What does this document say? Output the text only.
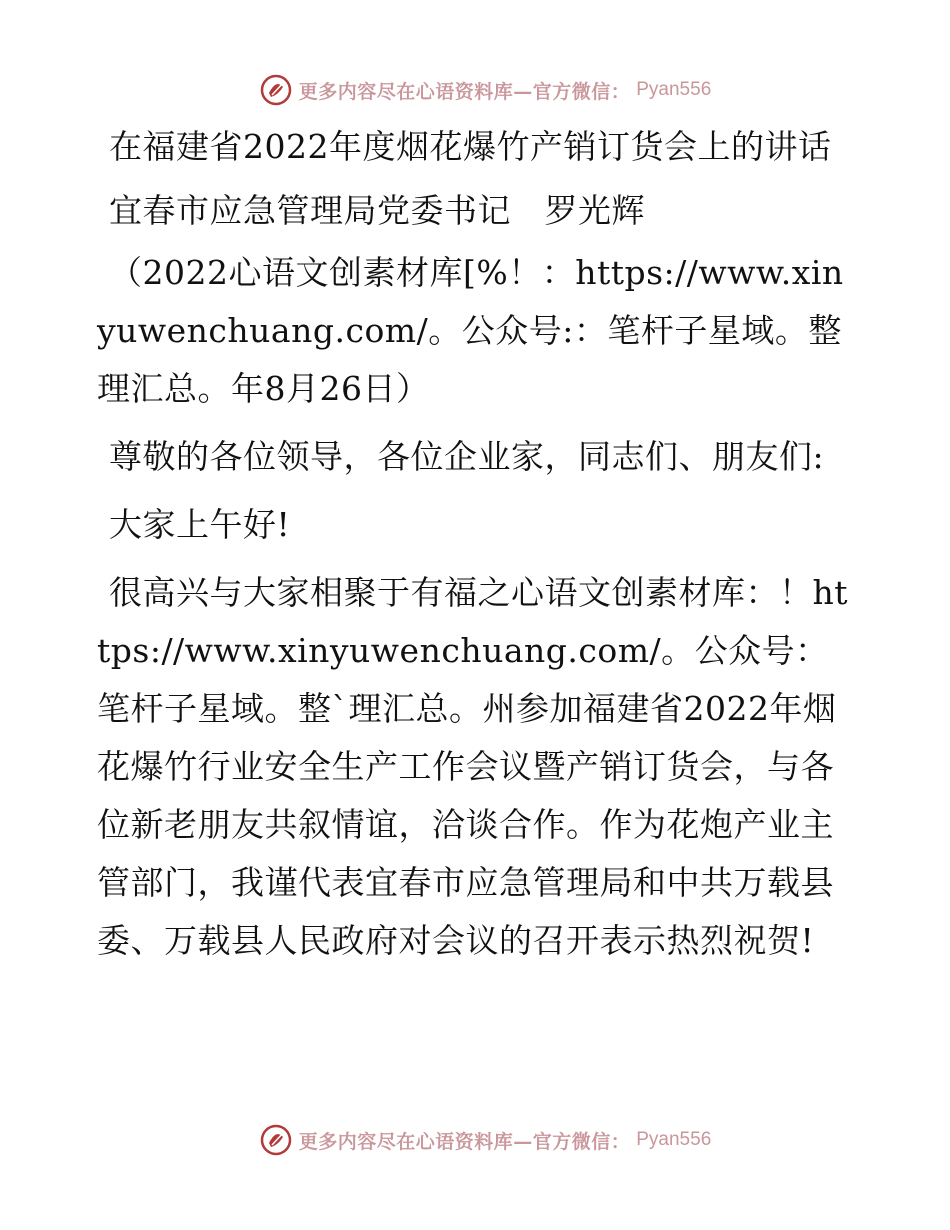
更多内容尽在心语资料库—官方微信： Pyan556

在福建省2022年度烟花爆竹产销订货会上的讲话

宜春市应急管理局党委书记　罗光辉

（2022心语文创素材库[%！：https://www.xinyuwenchuang.com/。公众号:：笔杆子星域。整理汇总。年8月26日）

尊敬的各位领导，各位企业家，同志们、朋友们:

大家上午好!

很高兴与大家相聚于有福之心语文创素材库：！https://www.xinyuwenchuang.com/。公众号：笔杆子星域。整`理汇总。州参加福建省2022年烟花爆竹行业安全生产工作会议暨产销订货会，与各位新老朋友共叙情谊，洽谈合作。作为花炮产业主管部门，我谨代表宜春市应急管理局和中共万载县委、万载县人民政府对会议的召开表示热烈祝贺!

更多内容尽在心语资料库—官方微信： Pyan556
